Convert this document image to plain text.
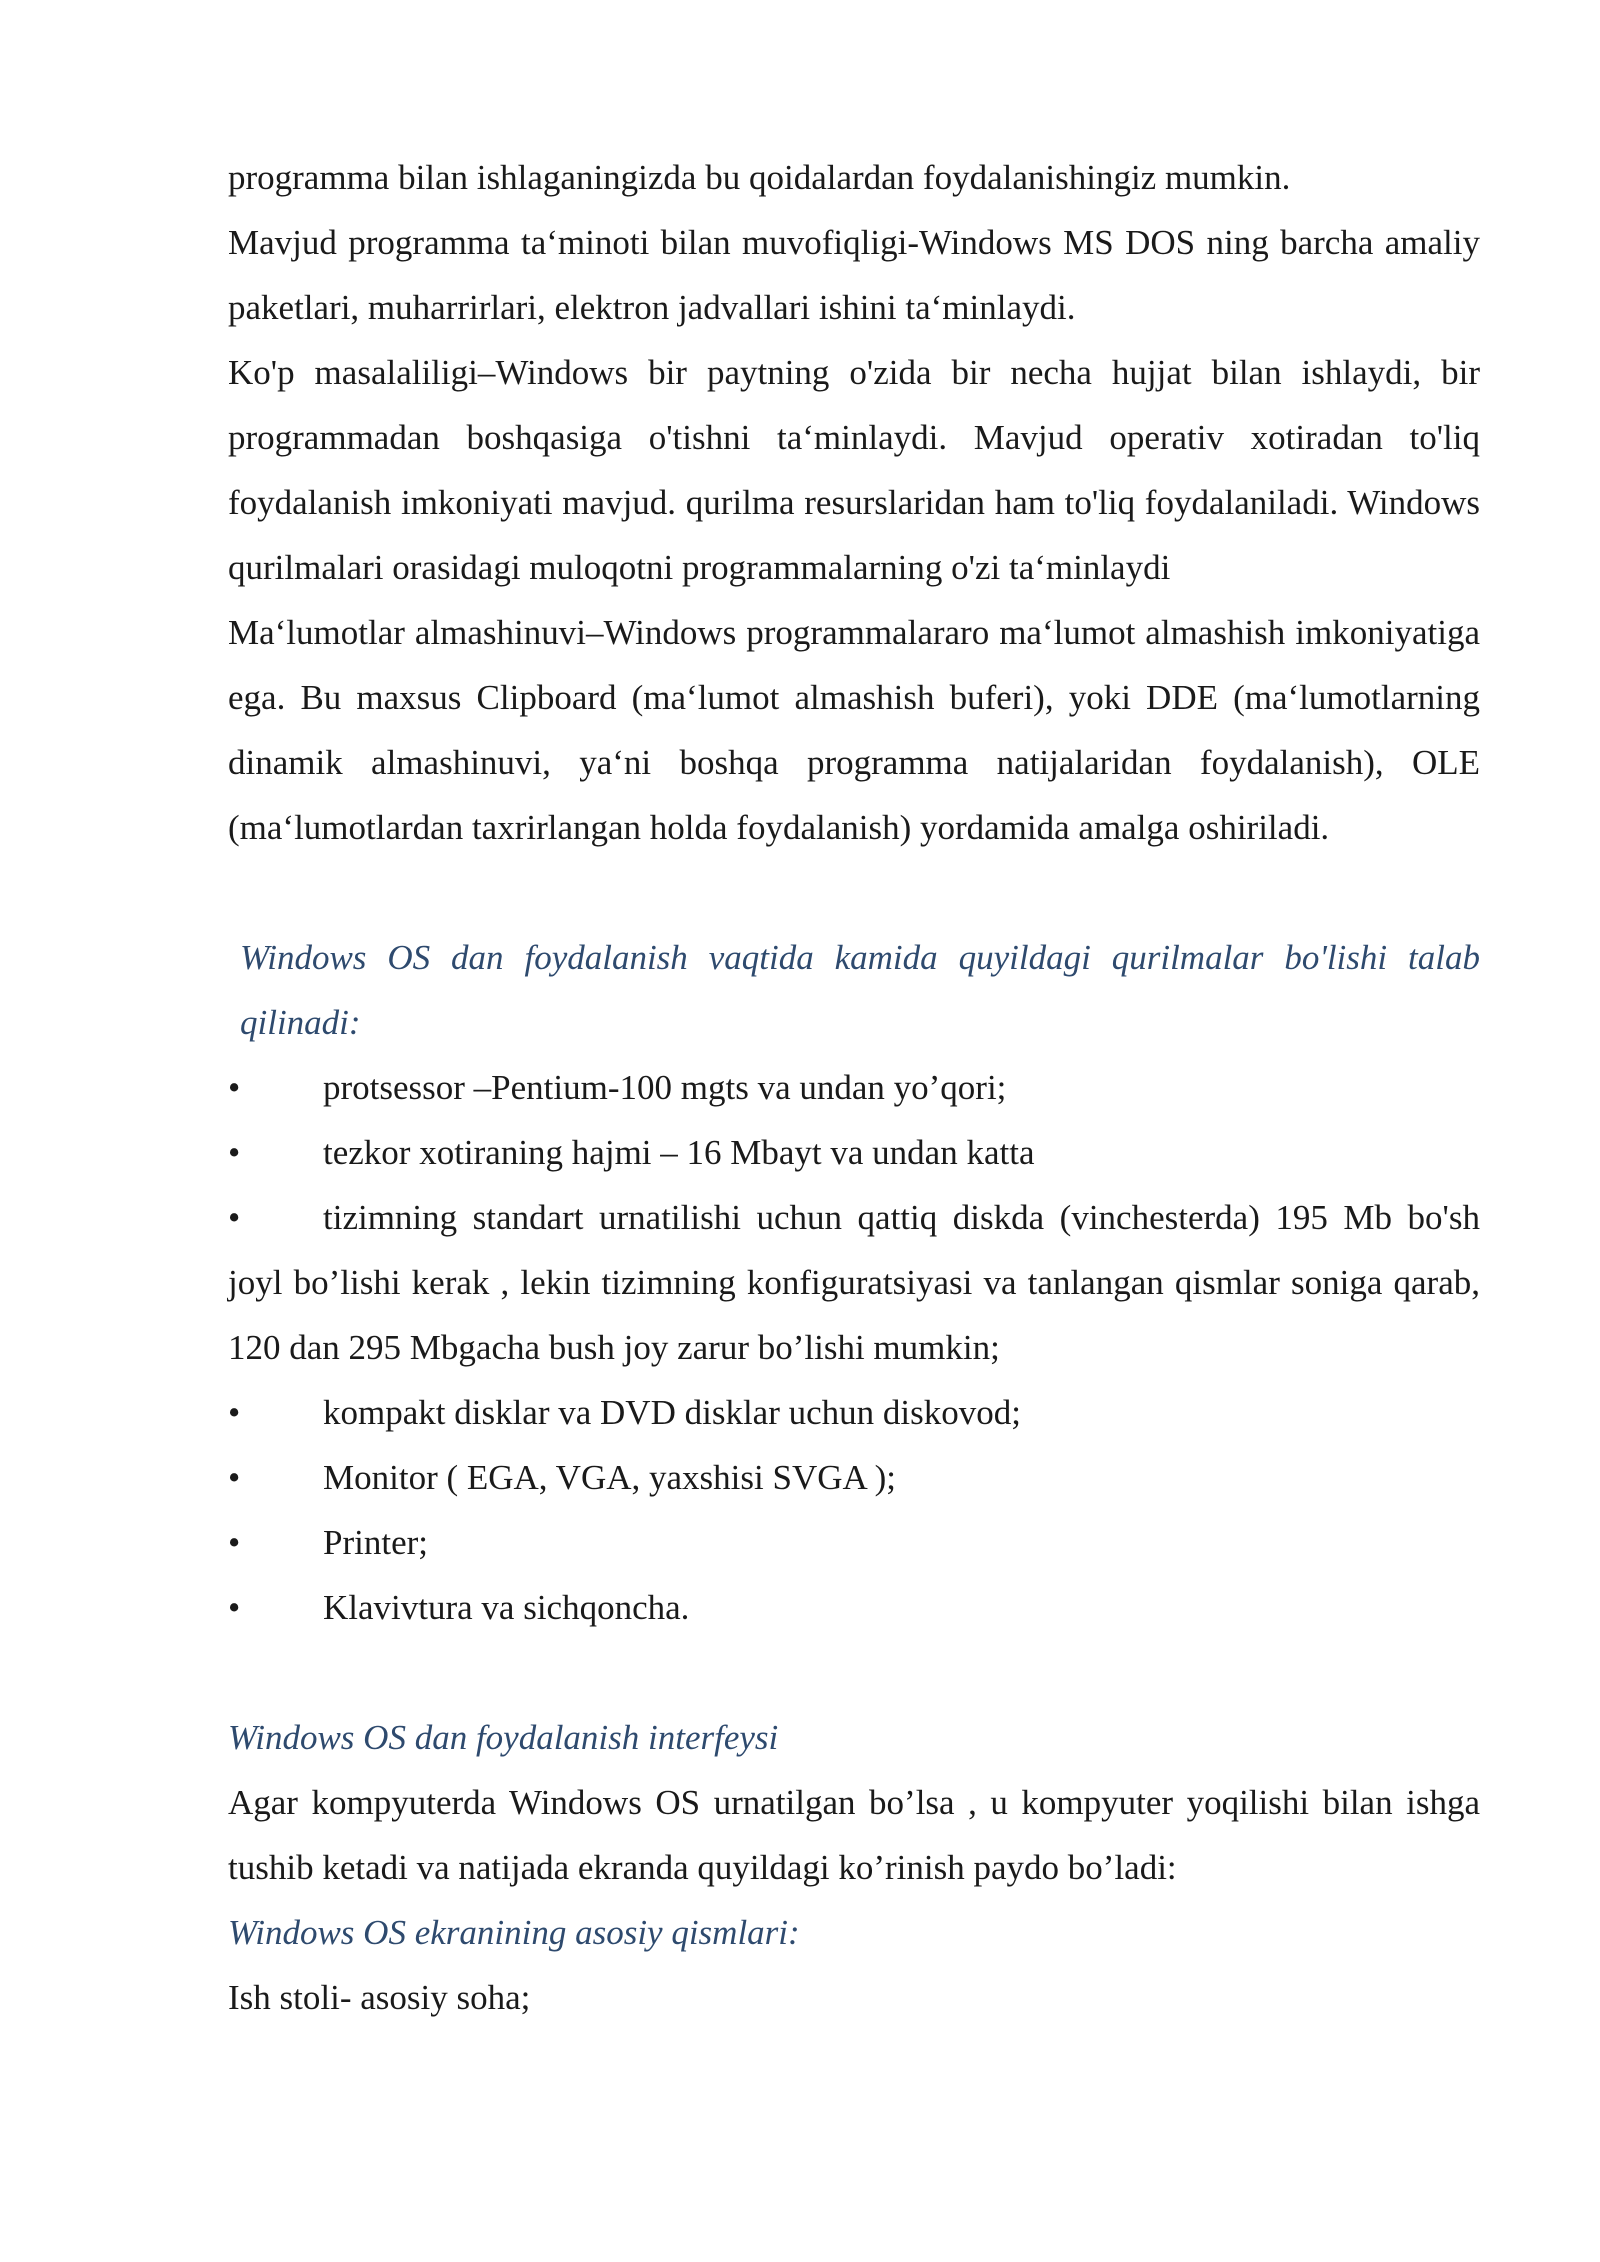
programma bilan ishlaganingizda bu qoidalardan foydalanishingiz mumkin.

Mavjud programma ta‘minoti bilan muvofiqligi-Windows MS DOS ning barcha amaliy paketlari, muharrirlari, elektron jadvallari ishini ta‘minlaydi.

Ko'p masalaliligi–Windows bir paytning o'zida bir necha hujjat bilan ishlaydi, bir programmadan boshqasiga o'tishni ta‘minlaydi. Mavjud operativ xotiradan to'liq foydalanish imkoniyati mavjud. qurilma resurslaridan ham to'liq foydalaniladi. Windows qurilmalari orasidagi muloqotni programmalarning o'zi ta‘minlaydi

Ma‘lumotlar almashinuvi–Windows programmalararo ma‘lumot almashish imkoniyatiga ega. Bu maxsus Clipboard (ma‘lumot almashish buferi), yoki DDE (ma‘lumotlarning dinamik almashinuvi, ya‘ni boshqa programma natijalaridan foydalanish), OLE (ma‘lumotlardan taxrirlangan holda foydalanish) yordamida amalga oshiriladi.

Windows OS dan foydalanish vaqtida kamida quyildagi qurilmalar bo'lishi talab qilinadi:

• protsessor –Pentium-100 mgts va undan yo’qori;

• tezkor xotiraning hajmi – 16 Mbayt va undan katta

• tizimning standart urnatilishi uchun qattiq diskda (vinchesterda) 195 Mb bo'sh joyl bo’lishi kerak , lekin tizimning konfiguratsiyasi va tanlangan qismlar soniga qarab, 120 dan 295 Mbgacha bush joy zarur bo’lishi mumkin;

• kompakt disklar va DVD disklar uchun diskovod;

• Monitor ( EGA, VGA, yaxshisi SVGA );

• Printer;

• Klavivtura va sichqoncha.

Windows OS dan foydalanish interfeysi

Agar kompyuterda Windows OS urnatilgan bo’lsa , u kompyuter yoqilishi bilan ishga tushib ketadi va natijada ekranda quyildagi ko’rinish paydo bo’ladi:

Windows OS ekranining asosiy qismlari:

Ish stoli- asosiy soha;
